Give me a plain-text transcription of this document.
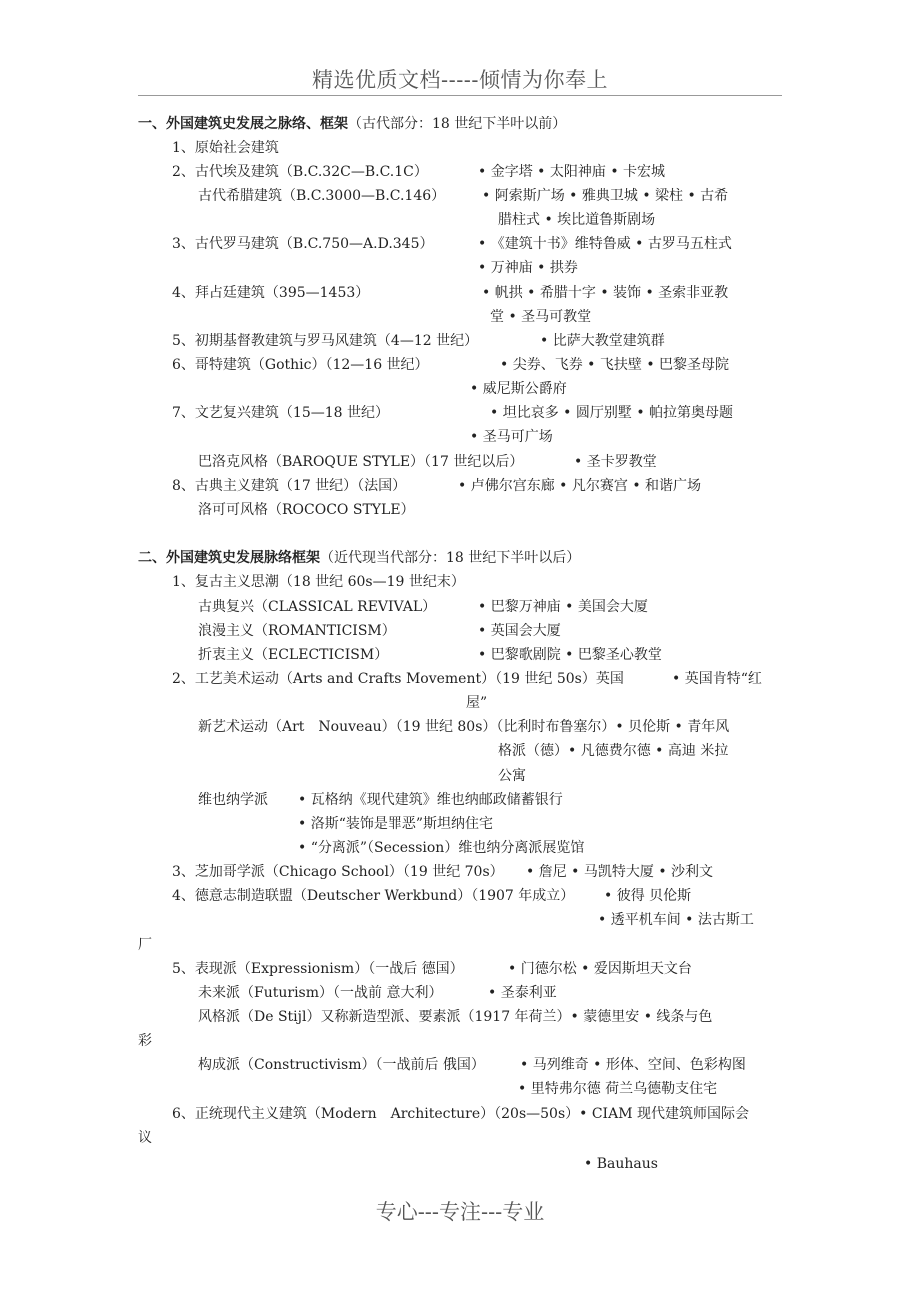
精选优质文档-----倾情为你奉上
一、外国建筑史发展之脉络、框架（古代部分：18 世纪下半叶以前）
1、原始社会建筑
2、古代埃及建筑（B.C.32C—B.C.1C）	• 金字塔 • 太阳神庙 • 卡宏城
古代希腊建筑（B.C.3000—B.C.146）	• 阿索斯广场 • 雅典卫城 • 梁柱 • 古希
腊柱式 • 埃比道鲁斯剧场
3、古代罗马建筑（B.C.750—A.D.345）	• 《建筑十书》维特鲁威 • 古罗马五柱式
• 万神庙 • 拱券
4、拜占廷建筑（395—1453）	• 帆拱 • 希腊十字 • 装饰 • 圣索非亚教
堂 • 圣马可教堂
5、初期基督教建筑与罗马风建筑（4—12 世纪）	• 比萨大教堂建筑群
6、哥特建筑（Gothic）（12—16 世纪）	• 尖券、飞券 • 飞扶壁 • 巴黎圣母院
• 威尼斯公爵府
7、文艺复兴建筑（15—18 世纪）	• 坦比哀多 • 圆厅别墅 • 帕拉第奥母题
• 圣马可广场
巴洛克风格（BAROQUE STYLE）（17 世纪以后）	• 圣卡罗教堂
8、古典主义建筑（17 世纪）（法国）	• 卢佛尔宫东廊 • 凡尔赛宫 • 和谐广场
洛可可风格（ROCOCO STYLE）
二、外国建筑史发展脉络框架（近代现当代部分：18 世纪下半叶以后）
1、复古主义思潮（18 世纪 60s—19 世纪末）
古典复兴（CLASSICAL REVIVAL）	• 巴黎万神庙 • 美国会大厦
浪漫主义（ROMANTICISM）	• 英国会大厦
折衷主义（ECLECTICISM）	• 巴黎歌剧院 • 巴黎圣心教堂
2、工艺美术运动（Arts and Crafts Movement）（19 世纪 50s）英国	• 英国肯特“红
屋”
新艺术运动（Art　Nouveau）（19 世纪 80s）（比利时布鲁塞尔）• 贝伦斯 • 青年风
格派（德）• 凡德费尔德 • 高迪 米拉
公寓
维也纳学派 • 瓦格纳《现代建筑》维也纳邮政储蓄银行
• 洛斯“装饰是罪恶”斯坦纳住宅
• “分离派”（Secession）维也纳分离派展览馆
3、芝加哥学派（Chicago School）（19 世纪 70s） • 詹尼 • 马凯特大厦 • 沙利文
4、德意志制造联盟（Deutscher Werkbund）（1907 年成立） • 彼得 贝伦斯
• 透平机车间 • 法古斯工
厂
5、表现派（Expressionism）（一战后 德国）	• 门德尔松 • 爱因斯坦天文台
未来派（Futurism）（一战前 意大利）	• 圣泰利亚
风格派（De Stijl）又称新造型派、要素派（1917 年荷兰）• 蒙德里安 • 线条与色
彩
构成派（Constructivism）（一战前后 俄国）	• 马列维奇 • 形体、空间、色彩构图
• 里特弗尔德 荷兰乌德勒支住宅
6、正统现代主义建筑（Modern　Architecture）（20s—50s）• CIAM 现代建筑师国际会
议
• Bauhaus
专心---专注---专业
